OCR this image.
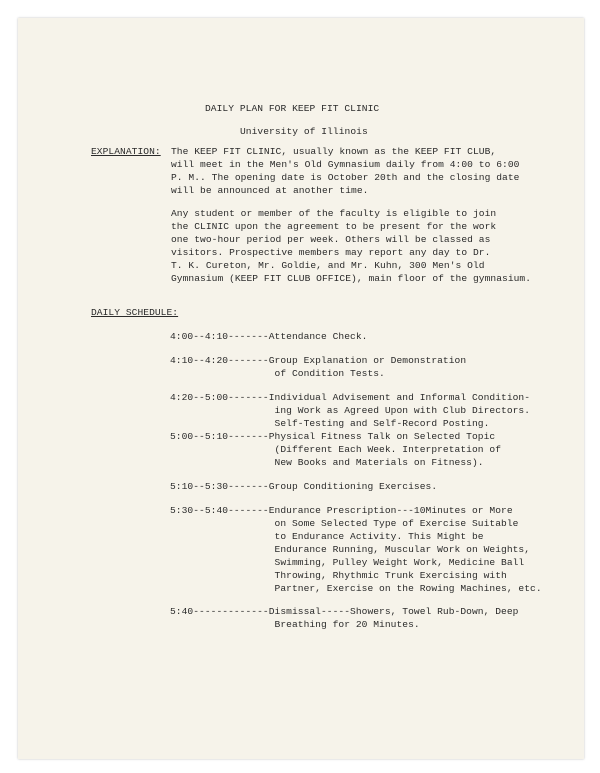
DAILY PLAN FOR KEEP FIT CLINIC
University of Illinois
EXPLANATION: The KEEP FIT CLINIC, usually known as the KEEP FIT CLUB,
will meet in the Men's Old Gymnasium daily from 4:00 to 6:00
P. M.. The opening date is October 20th and the closing date
will be announced at another time.
Any student or member of the faculty is eligible to join
the CLINIC upon the agreement to be present for the work
one two-hour period per week. Others will be classed as
visitors. Prospective members may report any day to Dr.
T. K. Cureton, Mr. Goldie, and Mr. Kuhn, 300 Men's Old
Gymnasium (KEEP FIT CLUB OFFICE), main floor of the gymnasium.
DAILY SCHEDULE:
4:00--4:10-------Attendance Check.
4:10--4:20-------Group Explanation or Demonstration
of Condition Tests.
4:20--5:00-------Individual Advisement and Informal Condition-
ing Work as Agreed Upon with Club Directors.
Self-Testing and Self-Record Posting.
5:00--5:10-------Physical Fitness Talk on Selected Topic
(Different Each Week. Interpretation of
New Books and Materials on Fitness).
5:10--5:30-------Group Conditioning Exercises.
5:30--5:40-------Endurance Prescription---10Minutes or More
on Some Selected Type of Exercise Suitable
to Endurance Activity. This Might be
Endurance Running, Muscular Work on Weights,
Swimming, Pulley Weight Work, Medicine Ball
Throwing, Rhythmic Trunk Exercising with
Partner, Exercise on the Rowing Machines, etc.
5:40-------------Dismissal-----Showers, Towel Rub-Down, Deep
Breathing for 20 Minutes.
